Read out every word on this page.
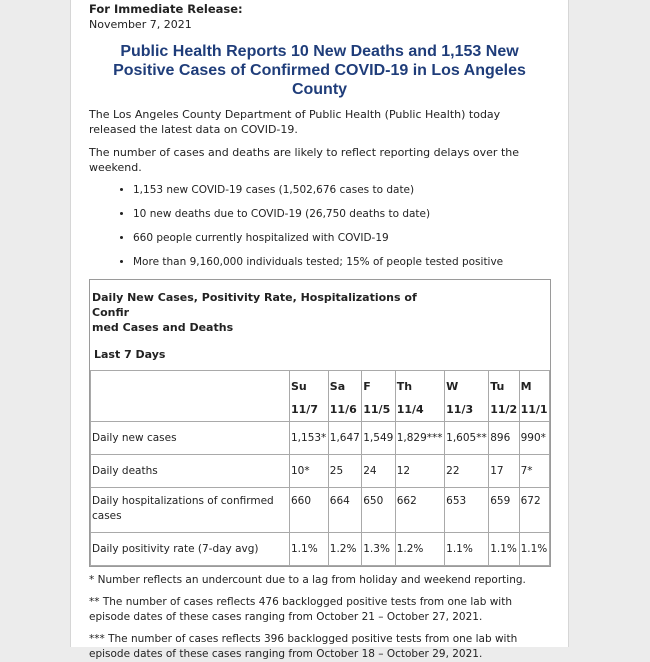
For Immediate Release:
November 7, 2021
Public Health Reports 10 New Deaths and 1,153 New Positive Cases of Confirmed COVID-19 in Los Angeles County

The Los Angeles County Department of Public Health (Public Health) today released the latest data on COVID-19.

The number of cases and deaths are likely to reflect reporting delays over the weekend.

• 1,153 new COVID-19 cases (1,502,676 cases to date)
• 10 new deaths due to COVID-19 (26,750 deaths to date)
• 660 people currently hospitalized with COVID-19
• More than 9,160,000 individuals tested; 15% of people tested positive
Daily New Cases, Positivity Rate, Hospitalizations of Confir
med Cases and Deaths
Last 7 Days
	Su
11/7	Sa
11/6	F
11/5	Th
11/4	W
11/3	Tu
11/2	M
11/1
Daily new cases	1,153*	1,647	1,549	1,829***	1,605**	896	990*
Daily deaths	10*	25	24	12	22	17	7*
Daily hospitalizations of confirmed cases	660	664	650	662	653	659	672
Daily positivity rate (7-day avg)	1.1%	1.2%	1.3%	1.2%	1.1%	1.1%	1.1%

* Number reflects an undercount due to a lag from holiday and weekend reporting.

** The number of cases reflects 476 backlogged positive tests from one lab with episode dates of these cases ranging from October 21 – October 27, 2021.

*** The number of cases reflects 396 backlogged positive tests from one lab with episode dates of these cases ranging from October 18 – October 29, 2021.
